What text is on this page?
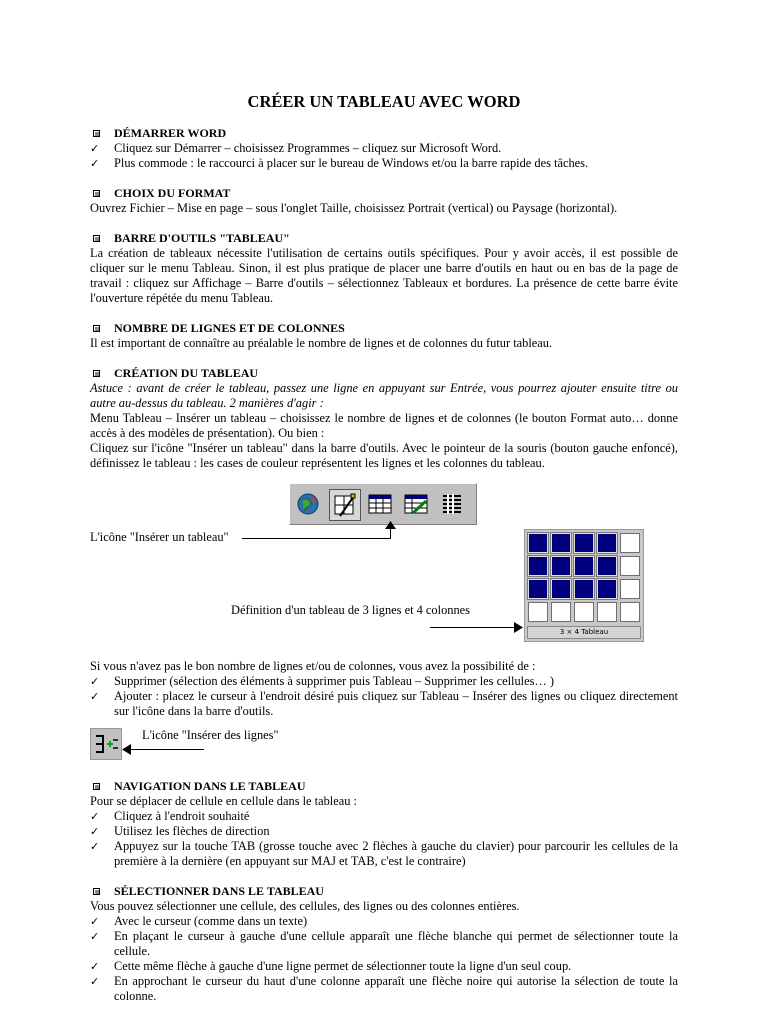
CRÉER UN TABLEAU AVEC WORD
DÉMARRER WORD
✓ Cliquez sur Démarrer – choisissez Programmes – cliquez sur Microsoft Word.
✓ Plus commode : le raccourci à placer sur le bureau de Windows et/ou la barre rapide des tâches.
CHOIX DU FORMAT
Ouvrez Fichier – Mise en page – sous l'onglet Taille, choisissez Portrait (vertical) ou Paysage (horizontal).
BARRE D'OUTILS "TABLEAU"
La création de tableaux nécessite l'utilisation de certains outils spécifiques. Pour y avoir accès, il est possible de cliquer sur le menu Tableau. Sinon, il est plus pratique de placer une barre d'outils en haut ou en bas de la page de travail : cliquez sur Affichage – Barre d'outils – sélectionnez Tableaux et bordures. La présence de cette barre évite l'ouverture répétée du menu Tableau.
NOMBRE DE LIGNES ET DE COLONNES
Il est important de connaître au préalable le nombre de lignes et de colonnes du futur tableau.
CRÉATION DU TABLEAU
Astuce : avant de créer le tableau, passez une ligne en appuyant sur Entrée, vous pourrez ajouter ensuite titre ou autre au-dessus du tableau. 2 manières d'agir :
Menu Tableau – Insérer un tableau – choisissez le nombre de lignes et de colonnes (le bouton Format auto… donne accès à des modèles de présentation). Ou bien :
Cliquez sur l'icône "Insérer un tableau" dans la barre d'outils. Avec le pointeur de la souris (bouton gauche enfoncé), définissez le tableau : les cases de couleur représentent les lignes et les colonnes du tableau.
L'icône "Insérer un tableau"
3 × 4 Tableau
Définition d'un tableau de 3 lignes et 4 colonnes
Si vous n'avez pas le bon nombre de lignes et/ou de colonnes, vous avez la possibilité de :
✓ Supprimer (sélection des éléments à supprimer puis Tableau – Supprimer les cellules… )
✓ Ajouter : placez le curseur à l'endroit désiré puis cliquez sur Tableau – Insérer des lignes ou cliquez directement sur l'icône dans la barre d'outils.
L'icône "Insérer des lignes"
NAVIGATION DANS LE TABLEAU
Pour se déplacer de cellule en cellule dans le tableau :
✓ Cliquez à l'endroit souhaité
✓ Utilisez les flèches de direction
✓ Appuyez sur la touche TAB (grosse touche avec 2 flèches à gauche du clavier) pour parcourir les cellules de la première à la dernière (en appuyant sur MAJ et TAB, c'est le contraire)
SÉLECTIONNER DANS LE TABLEAU
Vous pouvez sélectionner une cellule, des cellules, des lignes ou des colonnes entières.
✓ Avec le curseur (comme dans un texte)
✓ En plaçant le curseur à gauche d'une cellule apparaît une flèche blanche qui permet de sélectionner toute la cellule.
✓ Cette même flèche à gauche d'une ligne permet de sélectionner toute la ligne d'un seul coup.
✓ En approchant le curseur du haut d'une colonne apparaît une flèche noire qui autorise la sélection de toute la colonne.
